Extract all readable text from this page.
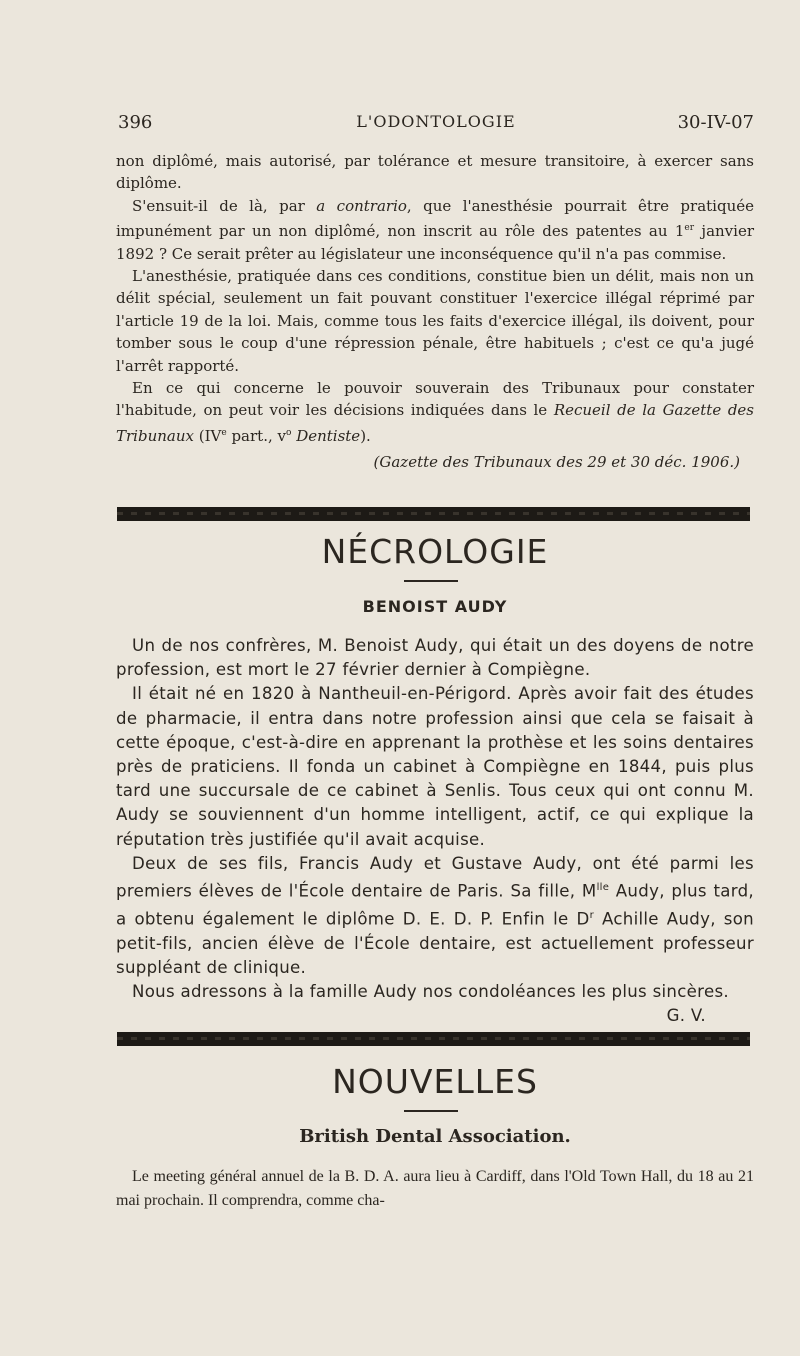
396	L'ODONTOLOGIE	30-IV-07

non diplômé, mais autorisé, par tolérance et mesure transitoire, à exercer sans diplôme.

S'ensuit-il de là, par a contrario, que l'anesthésie pourrait être pratiquée impunément par un non diplômé, non inscrit au rôle des patentes au 1er janvier 1892 ? Ce serait prêter au législateur une inconséquence qu'il n'a pas commise.

L'anesthésie, pratiquée dans ces conditions, constitue bien un délit, mais non un délit spécial, seulement un fait pouvant constituer l'exercice illégal réprimé par l'article 19 de la loi. Mais, comme tous les faits d'exercice illégal, ils doivent, pour tomber sous le coup d'une répression pénale, être habituels ; c'est ce qu'a jugé l'arrêt rapporté.

En ce qui concerne le pouvoir souverain des Tribunaux pour constater l'habitude, on peut voir les décisions indiquées dans le Recueil de la Gazette des Tribunaux (IVe part., $v^o$ Dentiste).

(Gazette des Tribunaux des 29 et 30 déc. 1906.)

NÉCROLOGIE
BENOIST AUDY

Un de nos confrères, M. Benoist Audy, qui était un des doyens de notre profession, est mort le 27 février dernier à Compiègne.

Il était né en 1820 à Nantheuil-en-Périgord. Après avoir fait des études de pharmacie, il entra dans notre profession ainsi que cela se faisait à cette époque, c'est-à-dire en apprenant la prothèse et les soins dentaires près de praticiens. Il fonda un cabinet à Compiègne en 1844, puis plus tard une succursale de ce cabinet à Senlis. Tous ceux qui ont connu M. Audy se souviennent d'un homme intelligent, actif, ce qui explique la réputation très justifiée qu'il avait acquise.

Deux de ses fils, Francis Audy et Gustave Audy, ont été parmi les premiers élèves de l'École dentaire de Paris. Sa fille, $M^{lle}$ Audy, plus tard, a obtenu également le diplôme D. E. D. P. Enfin le $D^r$ Achille Audy, son petit-fils, ancien élève de l'École dentaire, est actuellement professeur suppléant de clinique.

Nous adressons à la famille Audy nos condoléances les plus sincères.

G. V.

NOUVELLES
British Dental Association.

Le meeting général annuel de la B. D. A. aura lieu à Cardiff, dans l'Old Town Hall, du 18 au 21 mai prochain. Il comprendra, comme cha-
